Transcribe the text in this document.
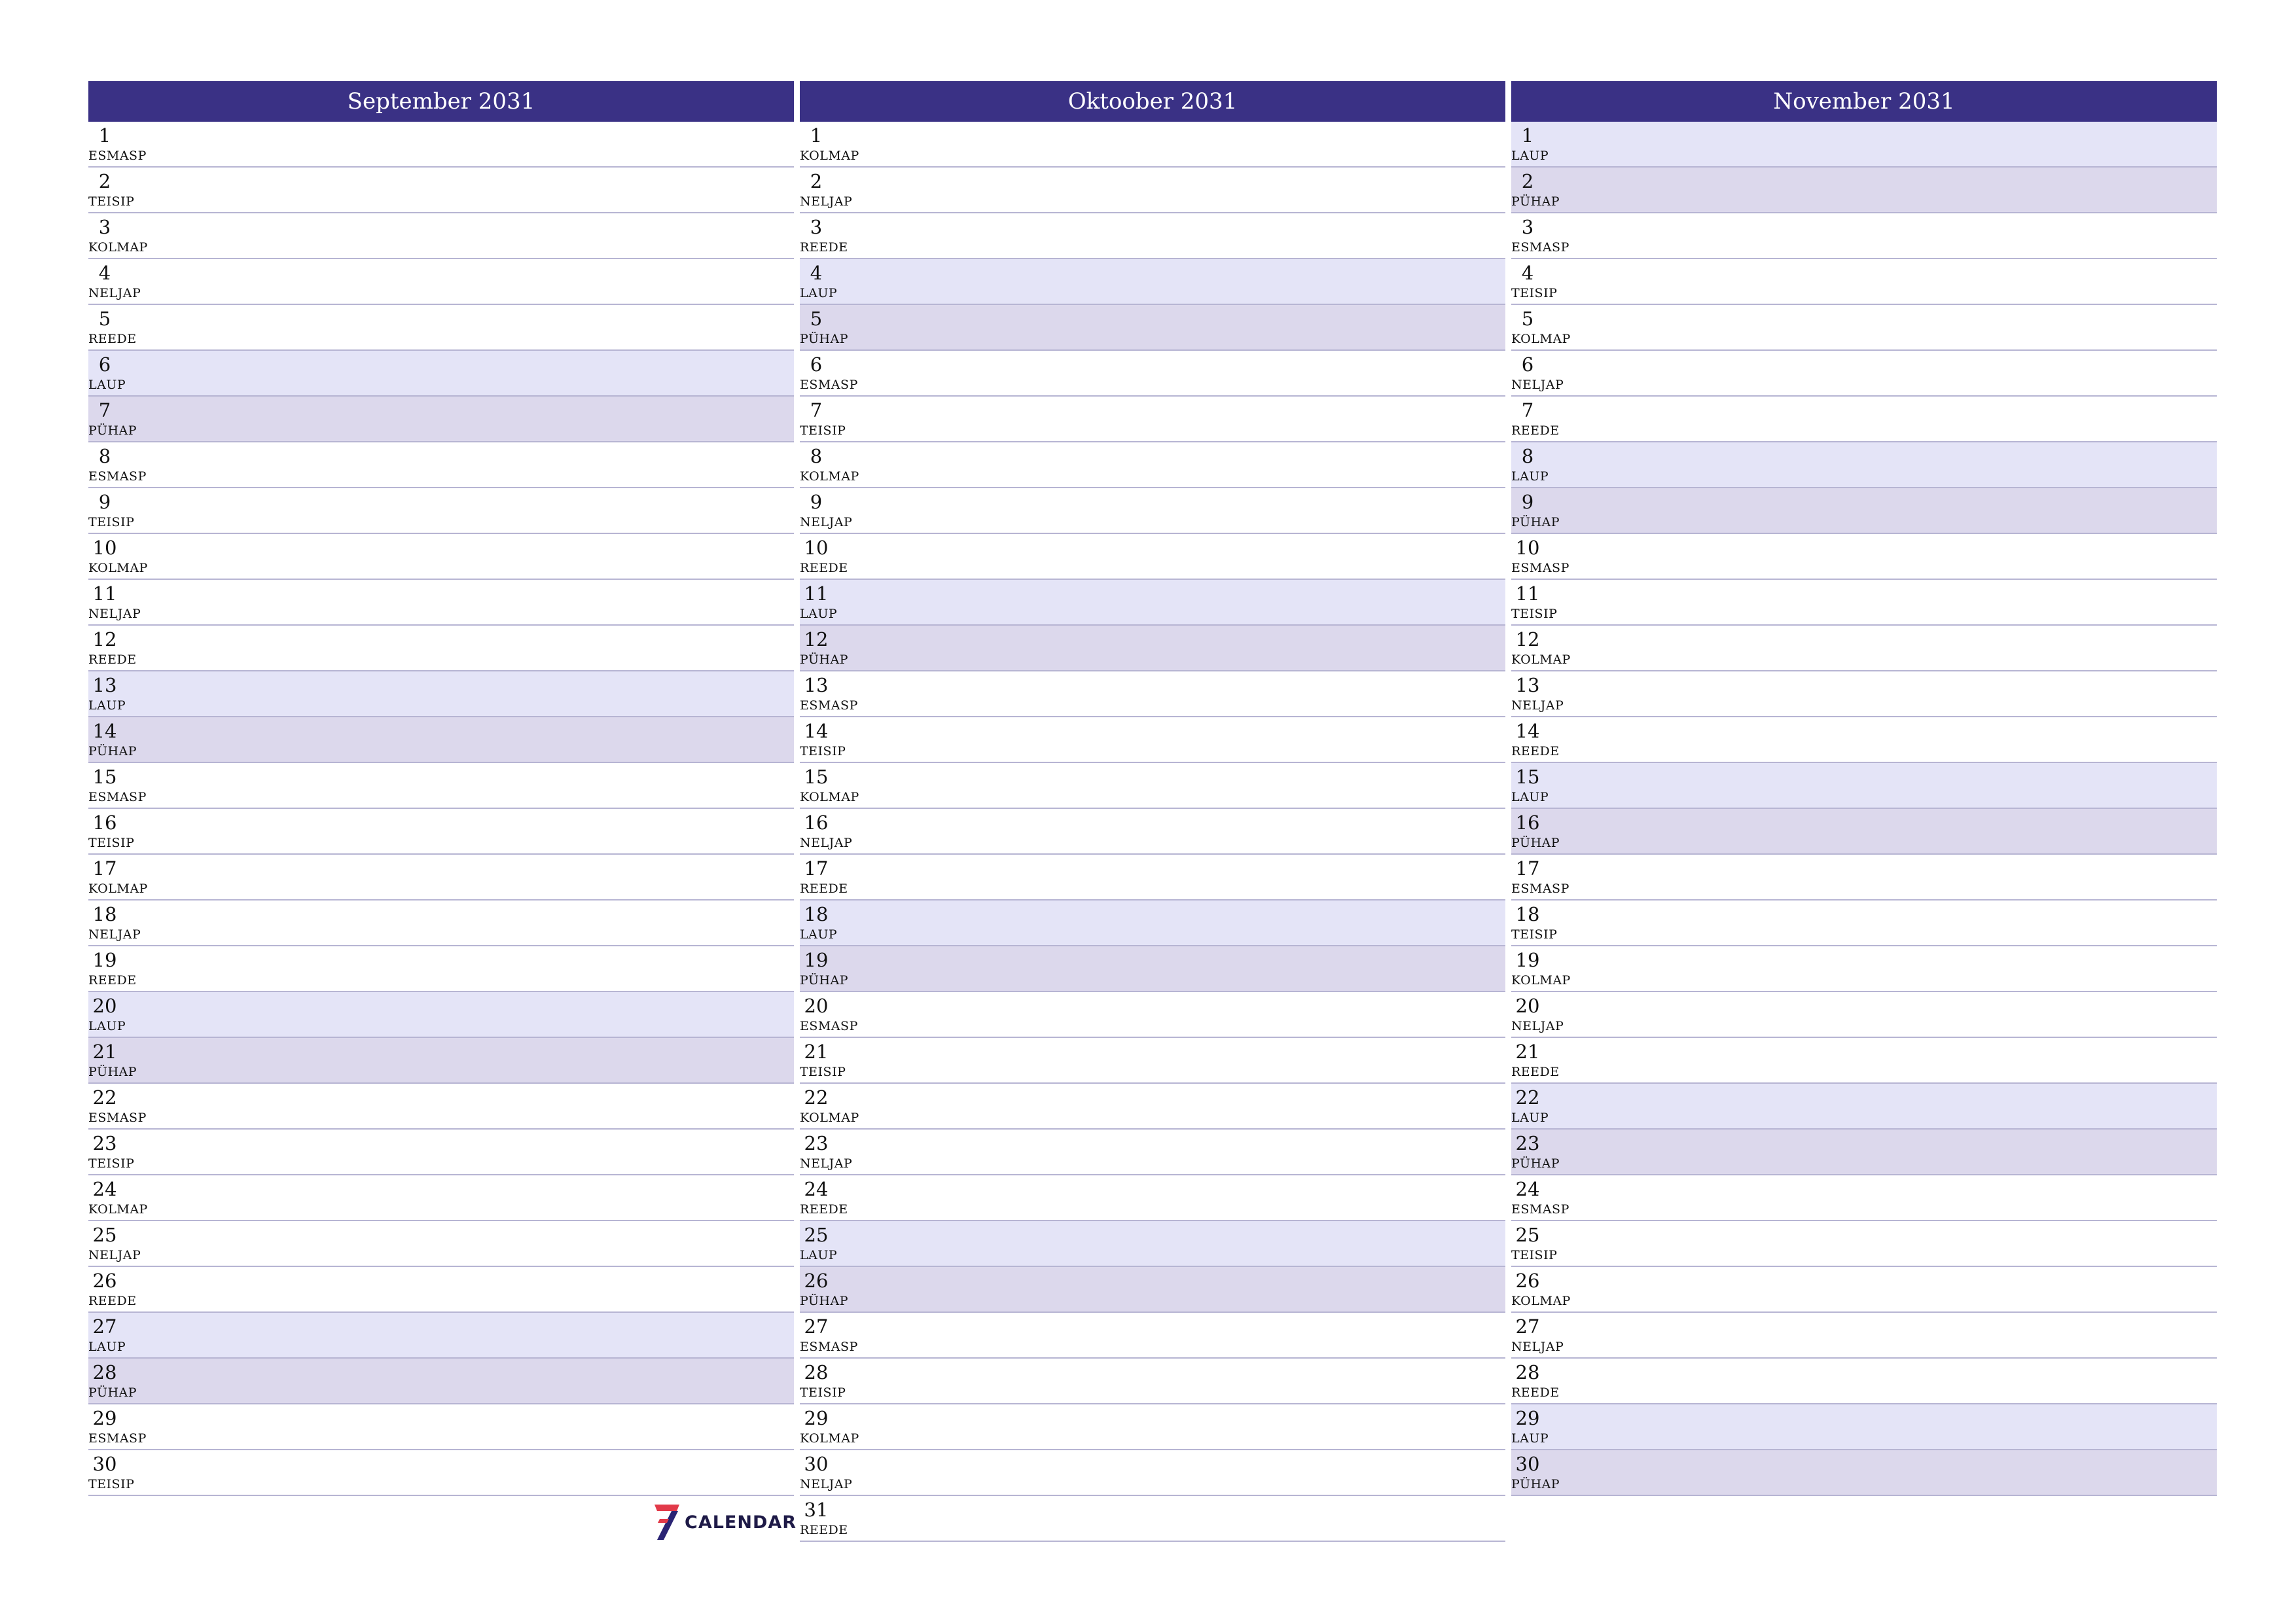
September 2031
1
ESMASP
2
TEISIP
3
KOLMAP
4
NELJAP
5
REEDE
6
LAUP
7
PÜHAP
8
ESMASP
9
TEISIP
10
KOLMAP
11
NELJAP
12
REEDE
13
LAUP
14
PÜHAP
15
ESMASP
16
TEISIP
17
KOLMAP
18
NELJAP
19
REEDE
20
LAUP
21
PÜHAP
22
ESMASP
23
TEISIP
24
KOLMAP
25
NELJAP
26
REEDE
27
LAUP
28
PÜHAP
29
ESMASP
30
TEISIP
Oktoober 2031
1
KOLMAP
2
NELJAP
3
REEDE
4
LAUP
5
PÜHAP
6
ESMASP
7
TEISIP
8
KOLMAP
9
NELJAP
10
REEDE
11
LAUP
12
PÜHAP
13
ESMASP
14
TEISIP
15
KOLMAP
16
NELJAP
17
REEDE
18
LAUP
19
PÜHAP
20
ESMASP
21
TEISIP
22
KOLMAP
23
NELJAP
24
REEDE
25
LAUP
26
PÜHAP
27
ESMASP
28
TEISIP
29
KOLMAP
30
NELJAP
31
REEDE
November 2031
1
LAUP
2
PÜHAP
3
ESMASP
4
TEISIP
5
KOLMAP
6
NELJAP
7
REEDE
8
LAUP
9
PÜHAP
10
ESMASP
11
TEISIP
12
KOLMAP
13
NELJAP
14
REEDE
15
LAUP
16
PÜHAP
17
ESMASP
18
TEISIP
19
KOLMAP
20
NELJAP
21
REEDE
22
LAUP
23
PÜHAP
24
ESMASP
25
TEISIP
26
KOLMAP
27
NELJAP
28
REEDE
29
LAUP
30
PÜHAP
CALENDAR
